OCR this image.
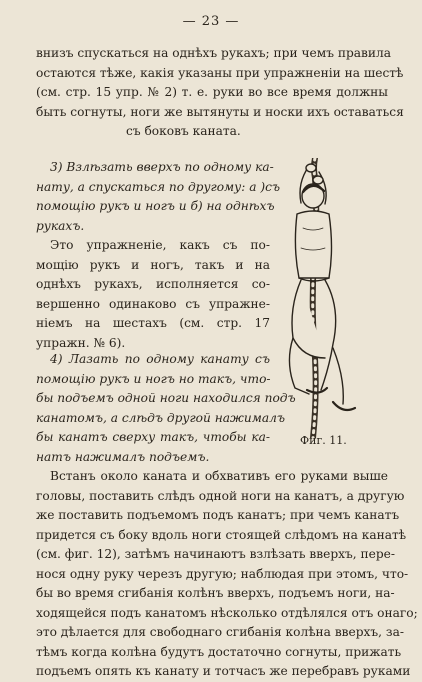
— 23 —
внизъ спускаться на однѣхъ рукахъ; при чемъ правила
остаются тѣже, какія указаны при упражненіи на шестѣ
(см. стр. 15 упр. № 2) т. е. руки во все время должны
быть согнуты, ноги же вытянуты и носки ихъ оставаться
съ боковъ каната.
3) Взлѣзать вверхъ по одному ка-
нату, а спускаться по другому: а )съ
помощію рукъ и ногъ и б) на однѣхъ
рукахъ.
Это упражненіе, какъ съ по-
мощію рукъ и ногъ, такъ и на
однѣхъ рукахъ, исполняется со-
вершенно одинаково съ упражне-
ніемъ на шестахъ (см. стр. 17
упражн. № 6).
4) Лазать по одному канату съ
помощію рукъ и ногъ но такъ, что-
бы подъемъ одной ноги находился подъ
канатомъ, а слѣдъ другой нажималъ
бы канатъ сверху такъ, чтобы ка-
натъ нажималъ подъемъ.
Фиг. 11.
Встанъ около каната и обхвативъ его руками выше
головы, поставить слѣдъ одной ноги на канатъ, а другую
же поставить подъемомъ подъ канатъ; при чемъ канатъ
придется съ боку вдоль ноги стоящей слѣдомъ на канатѣ
(см. фиг. 12), затѣмъ начинаютъ взлѣзать вверхъ, пере-
нося одну руку черезъ другую; наблюдая при этомъ, что-
бы во время сгибанія колѣнъ вверхъ, подъемъ ноги, на-
ходящейся подъ канатомъ нѣсколько отдѣлялся отъ онаго;
это дѣлается для свободнаго сгибанія колѣна вверхъ, за-
тѣмъ когда колѣна будутъ достаточно согнуты, прижать
подъемъ опять къ канату и тотчасъ же перебравъ руками
